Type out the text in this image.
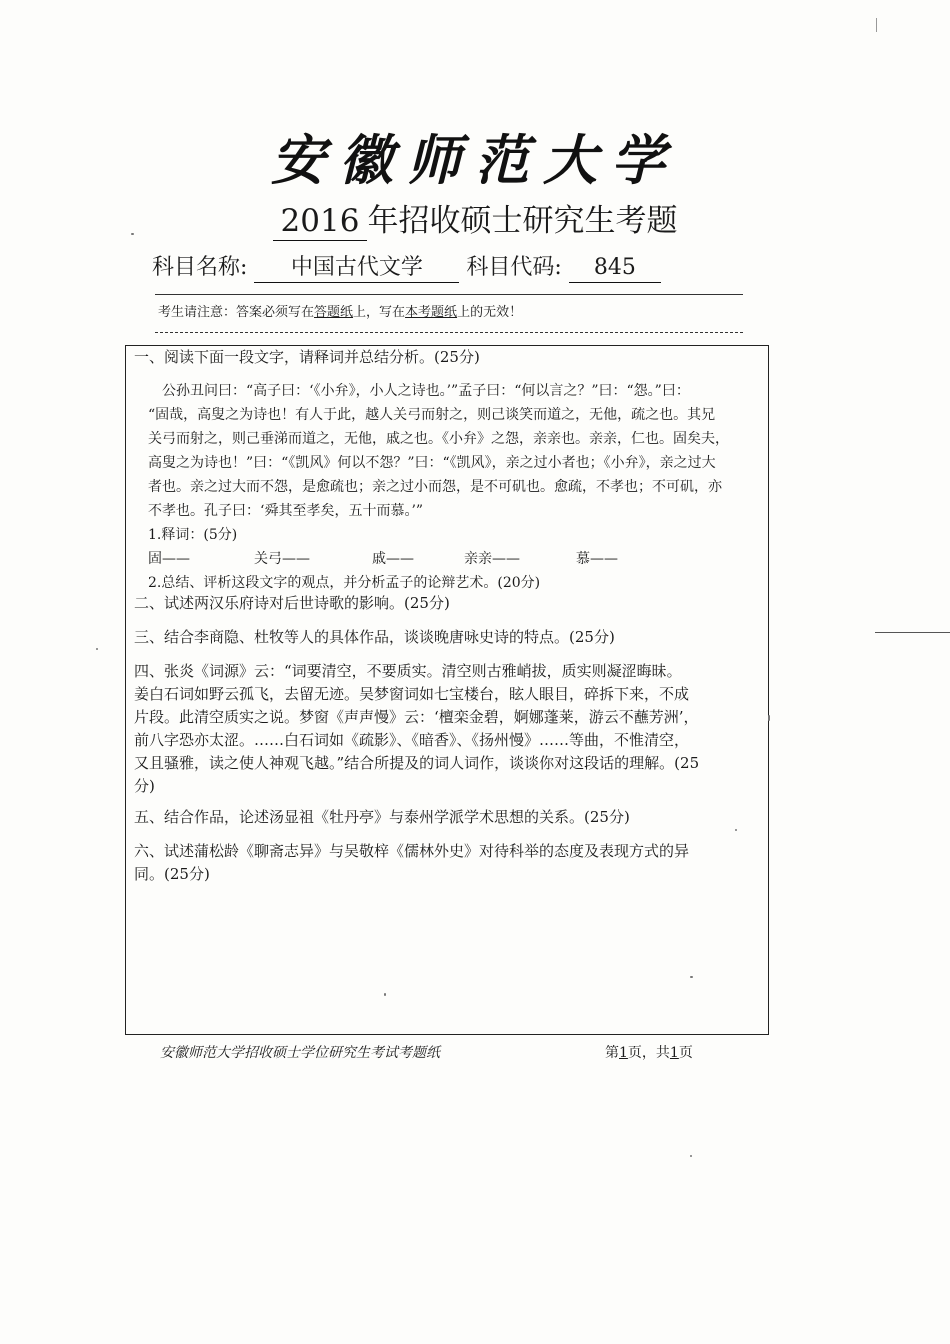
安徽师范大学
2016 年招收硕士研究生考题
科目名称: 中国古代文学 科目代码: 845
考生请注意：答案必须写在答题纸上，写在本考题纸上的无效！
一、阅读下面一段文字，请释词并总结分析。(25分)
公孙丑问曰：“高子曰：‘《小弁》，小人之诗也。’”孟子曰：“何以言之？”曰：“怨。”曰：
“固哉，高叟之为诗也！有人于此，越人关弓而射之，则己谈笑而道之，无他，疏之也。其兄
关弓而射之，则己垂涕而道之，无他，戚之也。《小弁》之怨，亲亲也。亲亲，仁也。固矣夫，
高叟之为诗也！”曰：“《凯风》何以不怨？”曰：“《凯风》，亲之过小者也；《小弁》，亲之过大
者也。亲之过大而不怨，是愈疏也；亲之过小而怨，是不可矶也。愈疏，不孝也；不可矶，亦
不孝也。孔子曰：‘舜其至孝矣，五十而慕。’”
1.释词：(5分)
固——	关弓——	戚——	亲亲——	慕——
2.总结、评析这段文字的观点，并分析孟子的论辩艺术。(20分)
二、试述两汉乐府诗对后世诗歌的影响。(25分)
三、结合李商隐、杜牧等人的具体作品，谈谈晚唐咏史诗的特点。(25分)
四、张炎《词源》云：“词要清空，不要质实。清空则古雅峭拔，质实则凝涩晦昧。
姜白石词如野云孤飞，去留无迹。吴梦窗词如七宝楼台，眩人眼目，碎拆下来，不成
片段。此清空质实之说。梦窗《声声慢》云：‘檀栾金碧，婀娜蓬莱，游云不蘸芳洲’，
前八字恐亦太涩。……白石词如《疏影》、《暗香》、《扬州慢》……等曲，不惟清空，
又且骚雅，读之使人神观飞越。”结合所提及的词人词作，谈谈你对这段话的理解。(25
分)
五、结合作品，论述汤显祖《牡丹亭》与泰州学派学术思想的关系。(25分)
六、试述蒲松龄《聊斋志异》与吴敬梓《儒林外史》对待科举的态度及表现方式的异
同。(25分)
安徽师范大学招收硕士学位研究生考试考题纸	第1页，共1页
